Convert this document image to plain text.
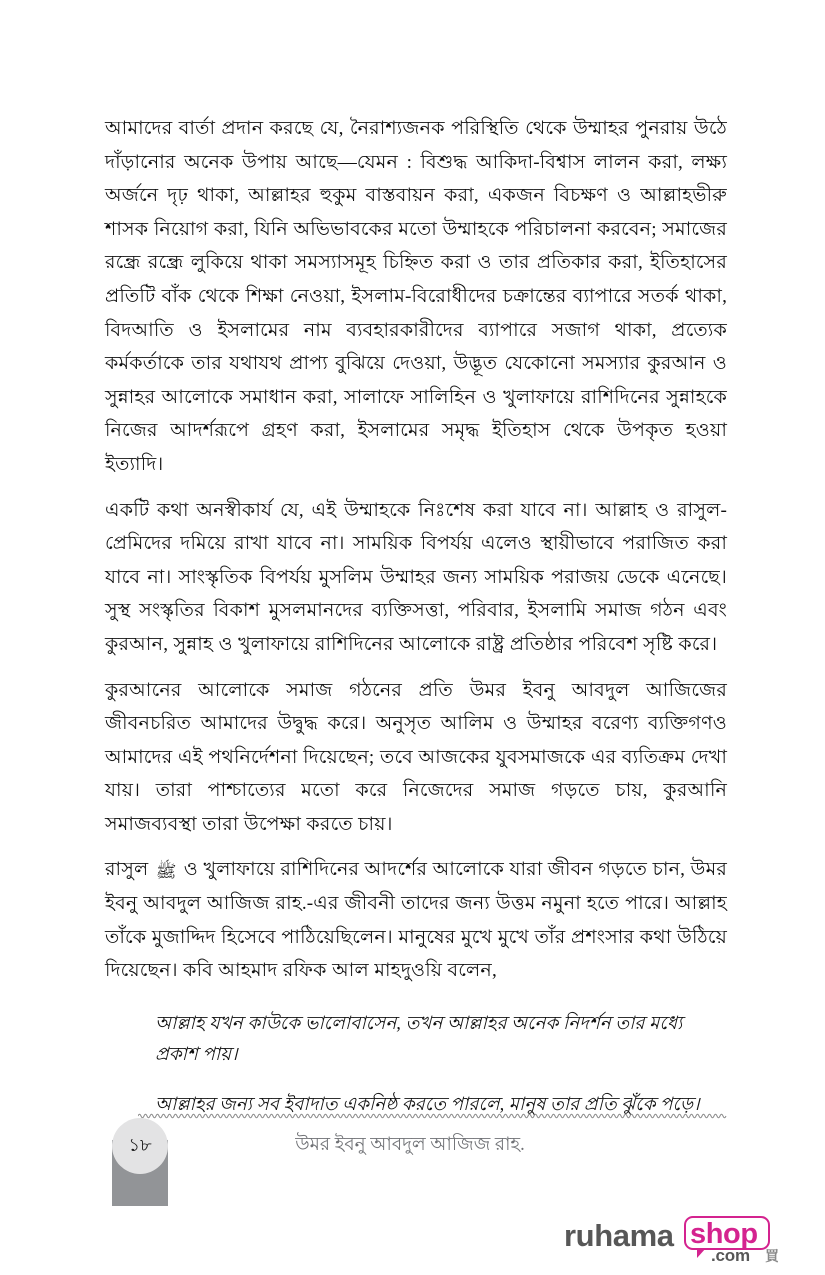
আমাদের বার্তা প্রদান করছে যে, নৈরাশ্যজনক পরিস্থিতি থেকে উম্মাহর পুনরায় উঠে দাঁড়ানোর অনেক উপায় আছে—যেমন : বিশুদ্ধ আকিদা-বিশ্বাস লালন করা, লক্ষ্য অর্জনে দৃঢ় থাকা, আল্লাহর হুকুম বাস্তবায়ন করা, একজন বিচক্ষণ ও আল্লাহভীরু শাসক নিয়োগ করা, যিনি অভিভাবকের মতো উম্মাহকে পরিচালনা করবেন; সমাজের রন্ধ্রে রন্ধ্রে লুকিয়ে থাকা সমস্যাসমূহ চিহ্নিত করা ও তার প্রতিকার করা, ইতিহাসের প্রতিটি বাঁক থেকে শিক্ষা নেওয়া, ইসলাম-বিরোধীদের চক্রান্তের ব্যাপারে সতর্ক থাকা, বিদআতি ও ইসলামের নাম ব্যবহারকারীদের ব্যাপারে সজাগ থাকা, প্রত্যেক কর্মকর্তাকে তার যথাযথ প্রাপ্য বুঝিয়ে দেওয়া, উদ্ভূত যেকোনো সমস্যার কুরআন ও সুন্নাহর আলোকে সমাধান করা, সালাফে সালিহিন ও খুলাফায়ে রাশিদিনের সুন্নাহকে নিজের আদর্শরূপে গ্রহণ করা, ইসলামের সমৃদ্ধ ইতিহাস থেকে উপকৃত হওয়া ইত্যাদি।

একটি কথা অনস্বীকার্য যে, এই উম্মাহকে নিঃশেষ করা যাবে না। আল্লাহ ও রাসুল-প্রেমিদের দমিয়ে রাখা যাবে না। সাময়িক বিপর্যয় এলেও স্থায়ীভাবে পরাজিত করা যাবে না। সাংস্কৃতিক বিপর্যয় মুসলিম উম্মাহর জন্য সাময়িক পরাজয় ডেকে এনেছে। সুস্থ সংস্কৃতির বিকাশ মুসলমানদের ব্যক্তিসত্তা, পরিবার, ইসলামি সমাজ গঠন এবং কুরআন, সুন্নাহ ও খুলাফায়ে রাশিদিনের আলোকে রাষ্ট্র প্রতিষ্ঠার পরিবেশ সৃষ্টি করে।

কুরআনের আলোকে সমাজ গঠনের প্রতি উমর ইবনু আবদুল আজিজের জীবনচরিত আমাদের উদ্বুদ্ধ করে। অনুসৃত আলিম ও উম্মাহর বরেণ্য ব্যক্তিগণও আমাদের এই পথনির্দেশনা দিয়েছেন; তবে আজকের যুবসমাজকে এর ব্যতিক্রম দেখা যায়। তারা পাশ্চাত্যের মতো করে নিজেদের সমাজ গড়তে চায়, কুরআনি সমাজব্যবস্থা তারা উপেক্ষা করতে চায়।

রাসুল ﷺ ও খুলাফায়ে রাশিদিনের আদর্শের আলোকে যারা জীবন গড়তে চান, উমর ইবনু আবদুল আজিজ রাহ.-এর জীবনী তাদের জন্য উত্তম নমুনা হতে পারে। আল্লাহ তাঁকে মুজাদ্দিদ হিসেবে পাঠিয়েছিলেন। মানুষের মুখে মুখে তাঁর প্রশংসার কথা উঠিয়ে দিয়েছেন। কবি আহমাদ রফিক আল মাহদুওয়ি বলেন,

আল্লাহ যখন কাউকে ভালোবাসেন, তখন আল্লাহর অনেক নিদর্শন তার মধ্যে প্রকাশ পায়।

আল্লাহর জন্য সব ইবাদাত একনিষ্ঠ করতে পারলে, মানুষ তার প্রতি ঝুঁকে পড়ে।

১৮	উমর ইবনু আবদুল আজিজ রাহ.
ruhama shop
.com 買
